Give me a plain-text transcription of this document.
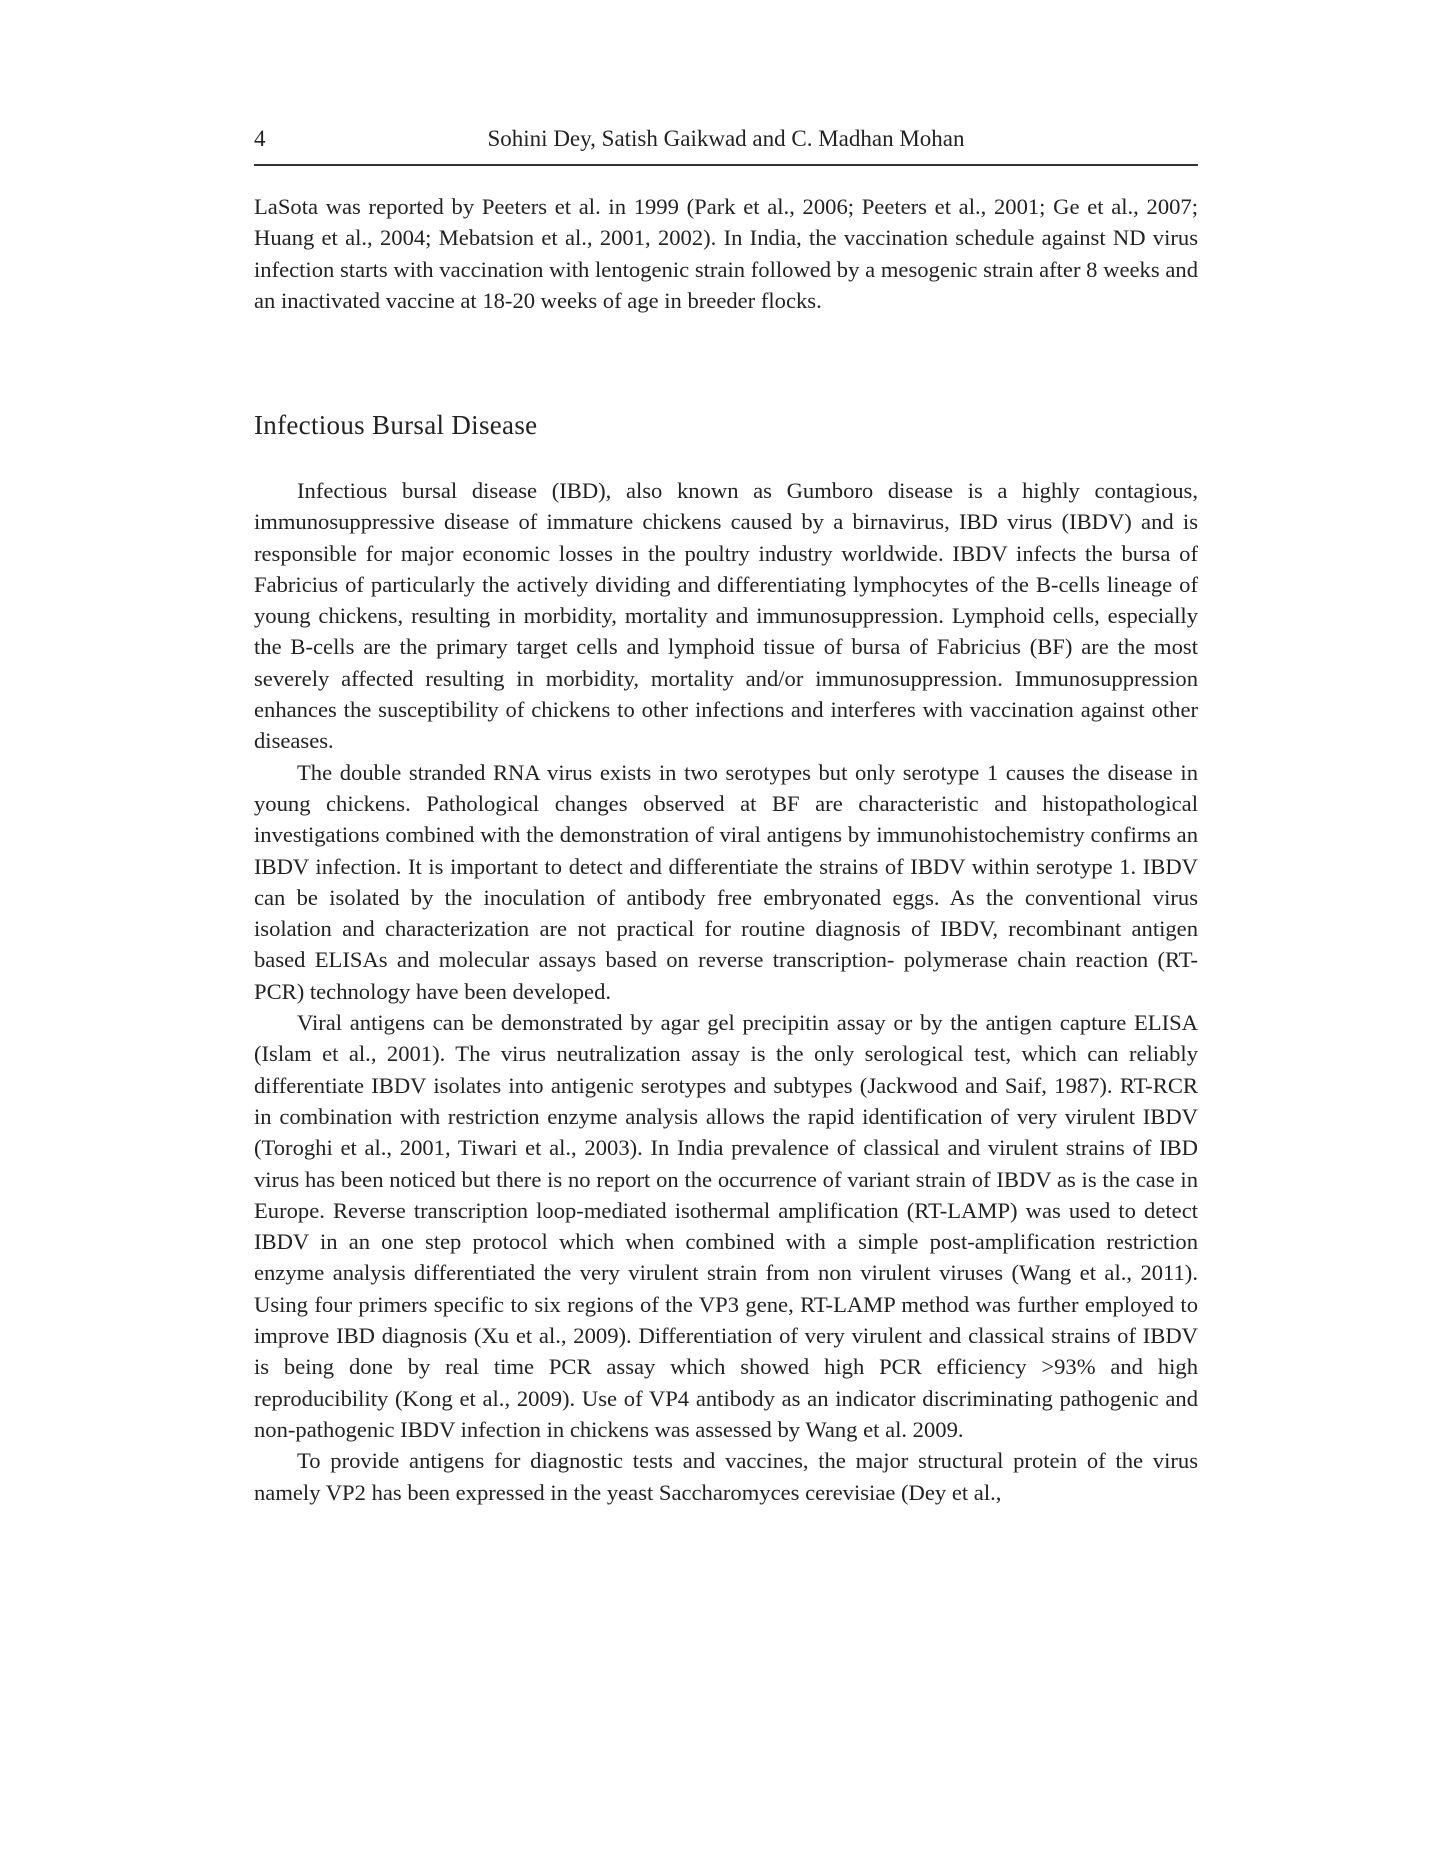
4	Sohini Dey, Satish Gaikwad and C. Madhan Mohan

LaSota was reported by Peeters et al. in 1999 (Park et al., 2006; Peeters et al., 2001; Ge et al., 2007; Huang et al., 2004; Mebatsion et al., 2001, 2002). In India, the vaccination schedule against ND virus infection starts with vaccination with lentogenic strain followed by a mesogenic strain after 8 weeks and an inactivated vaccine at 18-20 weeks of age in breeder flocks.

Infectious Bursal Disease

Infectious bursal disease (IBD), also known as Gumboro disease is a highly contagious, immunosuppressive disease of immature chickens caused by a birnavirus, IBD virus (IBDV) and is responsible for major economic losses in the poultry industry worldwide. IBDV infects the bursa of Fabricius of particularly the actively dividing and differentiating lymphocytes of the B-cells lineage of young chickens, resulting in morbidity, mortality and immunosuppression. Lymphoid cells, especially the B-cells are the primary target cells and lymphoid tissue of bursa of Fabricius (BF) are the most severely affected resulting in morbidity, mortality and/or immunosuppression. Immunosuppression enhances the susceptibility of chickens to other infections and interferes with vaccination against other diseases.

The double stranded RNA virus exists in two serotypes but only serotype 1 causes the disease in young chickens. Pathological changes observed at BF are characteristic and histopathological investigations combined with the demonstration of viral antigens by immunohistochemistry confirms an IBDV infection. It is important to detect and differentiate the strains of IBDV within serotype 1. IBDV can be isolated by the inoculation of antibody free embryonated eggs. As the conventional virus isolation and characterization are not practical for routine diagnosis of IBDV, recombinant antigen based ELISAs and molecular assays based on reverse transcription- polymerase chain reaction (RT-PCR) technology have been developed.

Viral antigens can be demonstrated by agar gel precipitin assay or by the antigen capture ELISA (Islam et al., 2001). The virus neutralization assay is the only serological test, which can reliably differentiate IBDV isolates into antigenic serotypes and subtypes (Jackwood and Saif, 1987). RT-RCR in combination with restriction enzyme analysis allows the rapid identification of very virulent IBDV (Toroghi et al., 2001, Tiwari et al., 2003). In India prevalence of classical and virulent strains of IBD virus has been noticed but there is no report on the occurrence of variant strain of IBDV as is the case in Europe. Reverse transcription loop-mediated isothermal amplification (RT-LAMP) was used to detect IBDV in an one step protocol which when combined with a simple post-amplification restriction enzyme analysis differentiated the very virulent strain from non virulent viruses (Wang et al., 2011). Using four primers specific to six regions of the VP3 gene, RT-LAMP method was further employed to improve IBD diagnosis (Xu et al., 2009). Differentiation of very virulent and classical strains of IBDV is being done by real time PCR assay which showed high PCR efficiency >93% and high reproducibility (Kong et al., 2009). Use of VP4 antibody as an indicator discriminating pathogenic and non-pathogenic IBDV infection in chickens was assessed by Wang et al. 2009.

To provide antigens for diagnostic tests and vaccines, the major structural protein of the virus namely VP2 has been expressed in the yeast Saccharomyces cerevisiae (Dey et al.,
